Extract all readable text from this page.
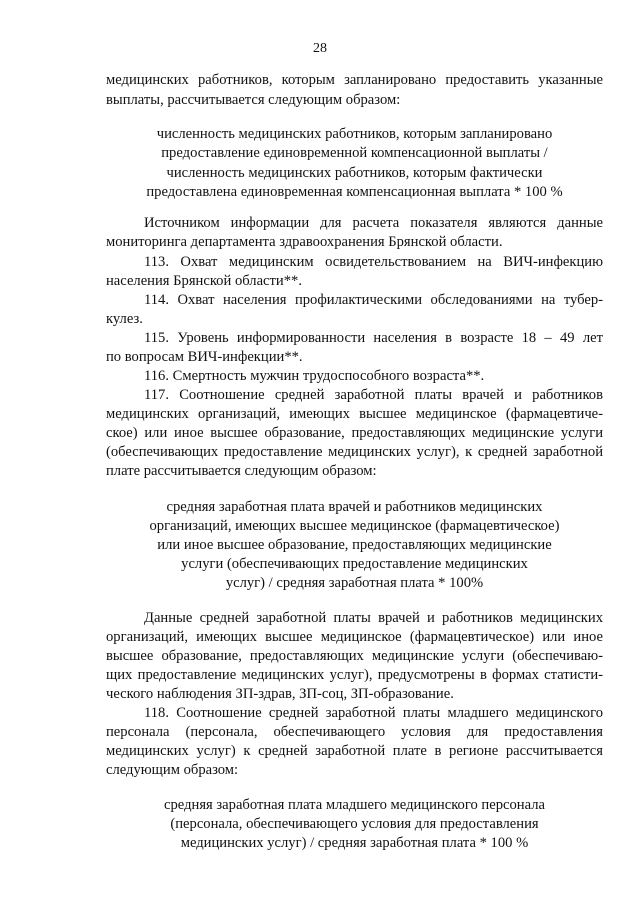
28
медицинских работников, которым запланировано предоставить указанные
выплаты, рассчитывается следующим образом:
численность медицинских работников, которым запланировано
предоставление единовременной компенсационной выплаты /
численность медицинских работников, которым фактически
предоставлена единовременная компенсационная выплата * 100 %
Источником информации для расчета показателя являются данные
мониторинга департамента здравоохранения Брянской области.
113. Охват медицинским освидетельствованием на ВИЧ-инфекцию
населения Брянской области**.
114. Охват населения профилактическими обследованиями на тубер-
кулез.
115. Уровень информированности населения в возрасте 18 – 49 лет
по вопросам ВИЧ-инфекции**.
116. Смертность мужчин трудоспособного возраста**.
117. Соотношение средней заработной платы врачей и работников
медицинских организаций, имеющих высшее медицинское (фармацевтиче-
ское) или иное высшее образование, предоставляющих медицинские услуги
(обеспечивающих предоставление медицинских услуг), к средней заработной
плате рассчитывается следующим образом:
средняя заработная плата врачей и работников медицинских
организаций, имеющих высшее медицинское (фармацевтическое)
или иное высшее образование, предоставляющих медицинские
услуги (обеспечивающих предоставление медицинских
услуг) / средняя заработная плата * 100%
Данные средней заработной платы врачей и работников медицинских
организаций, имеющих высшее медицинское (фармацевтическое) или иное
высшее образование, предоставляющих медицинские услуги (обеспечиваю-
щих предоставление медицинских услуг), предусмотрены в формах статисти-
ческого наблюдения ЗП-здрав, ЗП-соц, ЗП-образование.
118. Соотношение средней заработной платы младшего медицинского
персонала (персонала, обеспечивающего условия для предоставления
медицинских услуг) к средней заработной плате в регионе рассчитывается
следующим образом:
средняя заработная плата младшего медицинского персонала
(персонала, обеспечивающего условия для предоставления
медицинских услуг) / средняя заработная плата * 100 %
